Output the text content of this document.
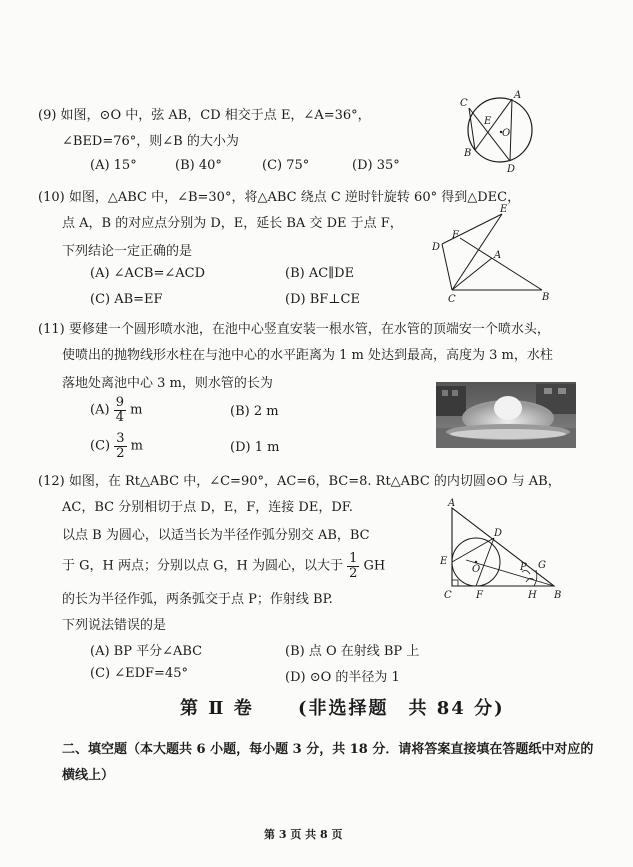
(9) 如图，⊙O 中，弦 AB，CD 相交于点 E，∠A=36°，
∠BED=76°，则∠B 的大小为
(A) 15°	(B) 40°	(C) 75°	(D) 35°
C
A
E
O
B
D
(10) 如图，△ABC 中，∠B=30°，将△ABC 绕点 C 逆时针旋转 60° 得到△DEC，
点 A，B 的对应点分别为 D，E，延长 BA 交 DE 于点 F，
下列结论一定正确的是
(A) ∠ACB=∠ACD	(B) AC∥DE
(C) AB=EF	(D) BF⊥CE
E
F
D
A
C	B
(11) 要修建一个圆形喷水池，在池中心竖直安装一根水管，在水管的顶端安一个喷水头，
使喷出的抛物线形水柱在与池中心的水平距离为 1 m 处达到最高，高度为 3 m，水柱
落地处离池中心 3 m，则水管的长为
$(A) \frac{9}{4}$ m	(B) 2 m
$(C) \frac{3}{2}$ m	(D) 1 m
(12) 如图，在 Rt△ABC 中，∠C=90°，AC=6，BC=8. Rt△ABC 的内切圆⊙O 与 AB，
AC，BC 分别相切于点 D，E，F，连接 DE，DF.
以点 B 为圆心，以适当长为半径作弧分别交 AB，BC
于 G，H 两点；分别以点 G，H 为圆心，以大于 $\frac{1}{2}$ GH
的长为半径作弧，两条弧交于点 P；作射线 BP.
下列说法错误的是
(A) BP 平分∠ABC	(B) 点 O 在射线 BP 上
(C) ∠EDF=45°	(D) ⊙O 的半径为 1
A
D
E
O	P G
C F	H B
第 Ⅱ 卷 (非选择题　共 84 分)
二、填空题（本大题共 6 小题，每小题 3 分，共 18 分．请将答案直接填在答题纸中对应的
横线上）
第 3 页 共 8 页
